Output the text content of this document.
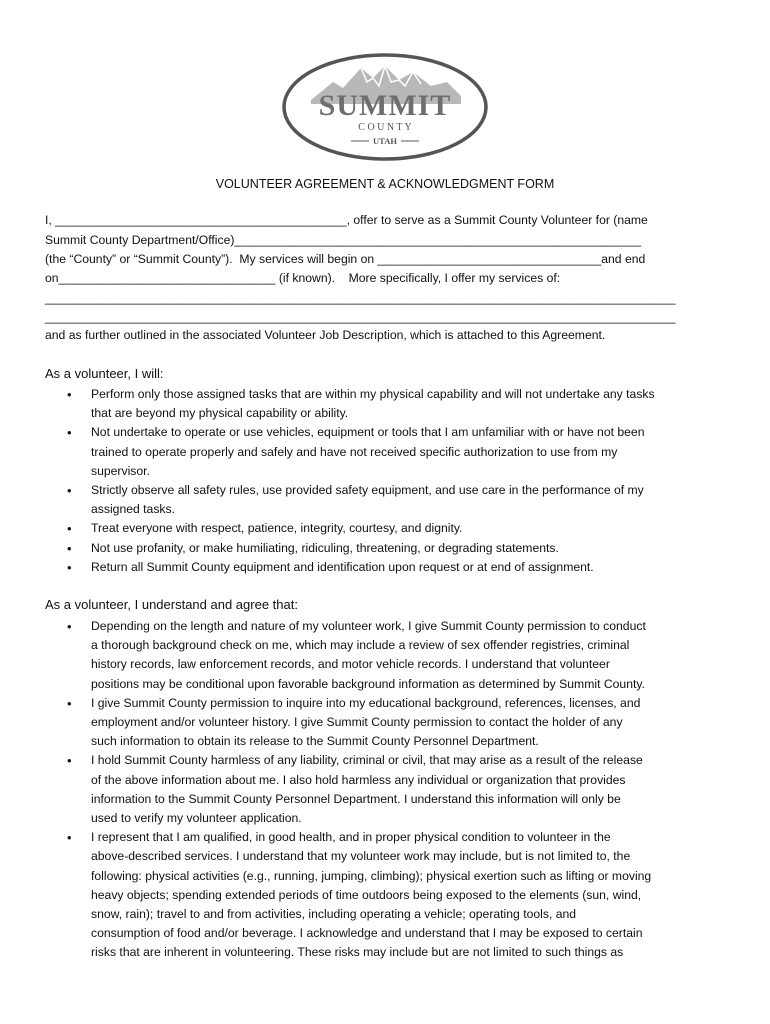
SUMMIT
C O U N T Y
UTAH
VOLUNTEER AGREEMENT & ACKNOWLEDGMENT FORM
I, ___________________________________________, offer to serve as a Summit County Volunteer for (name
Summit County Department/Office)____________________________________________________________
(the “County” or “Summit County”).  My services will begin on _________________________________and end
on________________________________ (if known).    More specifically, I offer my services of:
_____________________________________________________________________________________________
_____________________________________________________________________________________________
and as further outlined in the associated Volunteer Job Description, which is attached to this Agreement.
As a volunteer, I will:
• Perform only those assigned tasks that are within my physical capability and will not undertake any tasks
that are beyond my physical capability or ability.
• Not undertake to operate or use vehicles, equipment or tools that I am unfamiliar with or have not been
trained to operate properly and safely and have not received specific authorization to use from my
supervisor.
• Strictly observe all safety rules, use provided safety equipment, and use care in the performance of my
assigned tasks.
• Treat everyone with respect, patience, integrity, courtesy, and dignity.
• Not use profanity, or make humiliating, ridiculing, threatening, or degrading statements.
• Return all Summit County equipment and identification upon request or at end of assignment.
As a volunteer, I understand and agree that:
• Depending on the length and nature of my volunteer work, I give Summit County permission to conduct
a thorough background check on me, which may include a review of sex offender registries, criminal
history records, law enforcement records, and motor vehicle records. I understand that volunteer
positions may be conditional upon favorable background information as determined by Summit County.
• I give Summit County permission to inquire into my educational background, references, licenses, and
employment and/or volunteer history. I give Summit County permission to contact the holder of any
such information to obtain its release to the Summit County Personnel Department.
• I hold Summit County harmless of any liability, criminal or civil, that may arise as a result of the release
of the above information about me. I also hold harmless any individual or organization that provides
information to the Summit County Personnel Department. I understand this information will only be
used to verify my volunteer application.
• I represent that I am qualified, in good health, and in proper physical condition to volunteer in the
above-described services. I understand that my volunteer work may include, but is not limited to, the
following: physical activities (e.g., running, jumping, climbing); physical exertion such as lifting or moving
heavy objects; spending extended periods of time outdoors being exposed to the elements (sun, wind,
snow, rain); travel to and from activities, including operating a vehicle; operating tools, and
consumption of food and/or beverage. I acknowledge and understand that I may be exposed to certain
risks that are inherent in volunteering. These risks may include but are not limited to such things as
